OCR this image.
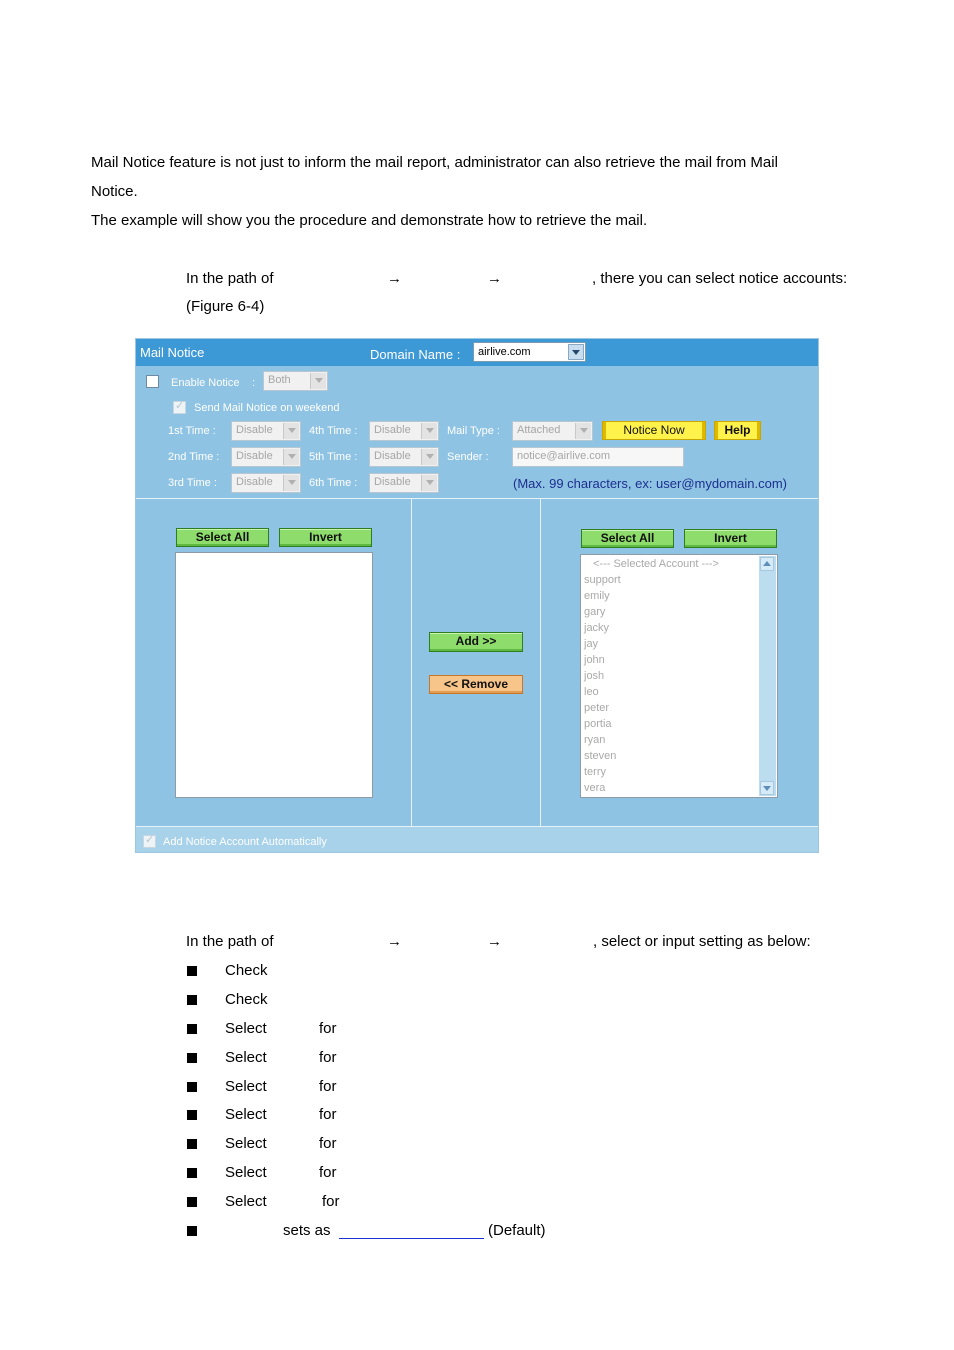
Mail Notice feature is not just to inform the mail report, administrator can also retrieve the mail from Mail
Notice.
The example will show you the procedure and demonstrate how to retrieve the mail.
In the path of	→	→	, there you can select notice accounts:
(Figure 6-4)
Mail Notice	Domain Name : airlive.com
Enable Notice :	Both
✓
Send Mail Notice on weekend
1st Time :	Disable	4th Time :	Disable	Mail Type :	Attached	Notice Now	Help
2nd Time :	Disable	5th Time :	Disable	Sender :	notice@airlive.com
3rd Time :	Disable	6th Time :	Disable	(Max. 99 characters, ex: user@mydomain.com)
Select All	Invert
Add >>
<< Remove
Select All	Invert
<--- Selected Account --->
support
emily
gary
jacky
jay
john
josh
leo
peter
portia
ryan
steven
terry
vera
✓
Add Notice Account Automatically
In the path of	→	→	, select or input setting as below:
Check
Check
Select	for
Select	for
Select	for
Select	for
Select	for
Select	for
Select	for
sets as	(Default)
